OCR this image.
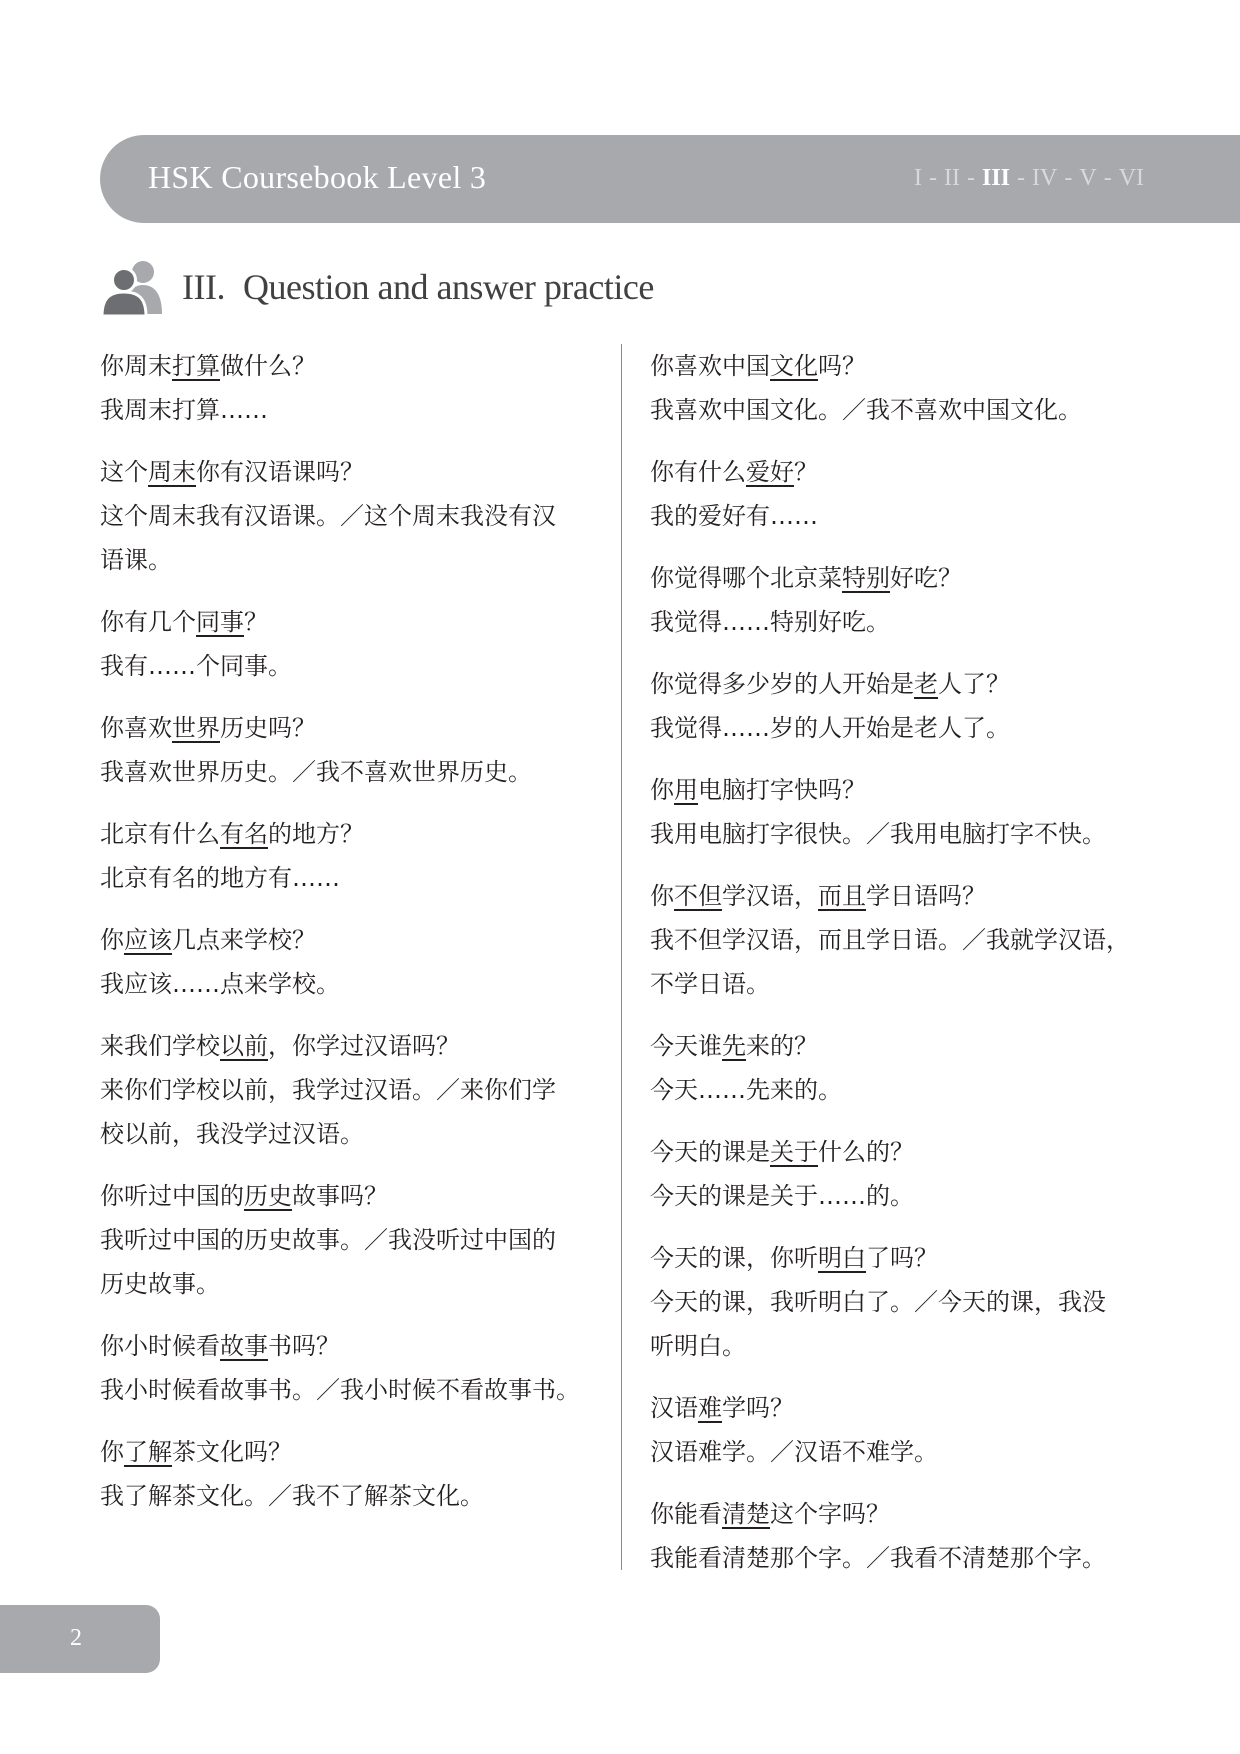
HSK Coursebook Level 3	I - II - III - IV - V - VI
III. Question and answer practice
你周末打算做什么？
我周末打算……
这个周末你有汉语课吗？
这个周末我有汉语课。／这个周末我没有汉
语课。
你有几个同事？
我有……个同事。
你喜欢世界历史吗？
我喜欢世界历史。／我不喜欢世界历史。
北京有什么有名的地方？
北京有名的地方有……
你应该几点来学校？
我应该……点来学校。
来我们学校以前，你学过汉语吗？
来你们学校以前，我学过汉语。／来你们学
校以前，我没学过汉语。
你听过中国的历史故事吗？
我听过中国的历史故事。／我没听过中国的
历史故事。
你小时候看故事书吗？
我小时候看故事书。／我小时候不看故事书。
你了解茶文化吗？
我了解茶文化。／我不了解茶文化。
你喜欢中国文化吗？
我喜欢中国文化。／我不喜欢中国文化。
你有什么爱好？
我的爱好有……
你觉得哪个北京菜特别好吃？
我觉得……特别好吃。
你觉得多少岁的人开始是老人了？
我觉得……岁的人开始是老人了。
你用电脑打字快吗？
我用电脑打字很快。／我用电脑打字不快。
你不但学汉语，而且学日语吗？
我不但学汉语，而且学日语。／我就学汉语，
不学日语。
今天谁先来的？
今天……先来的。
今天的课是关于什么的？
今天的课是关于……的。
今天的课，你听明白了吗？
今天的课，我听明白了。／今天的课，我没
听明白。
汉语难学吗？
汉语难学。／汉语不难学。
你能看清楚这个字吗？
我能看清楚那个字。／我看不清楚那个字。
2
